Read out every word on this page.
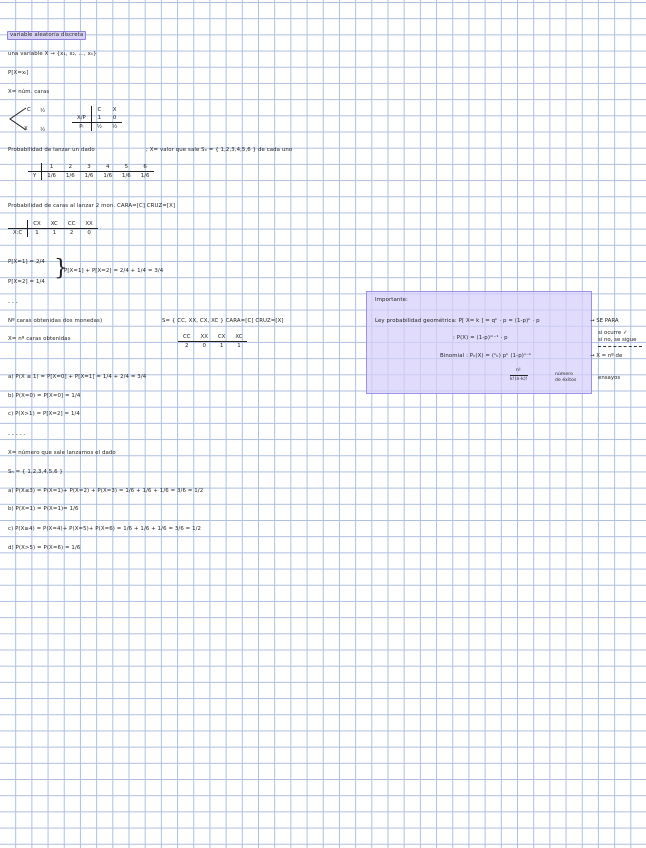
variable aleatoria discreta
una variable X → {x₁, x₂, ..., xₙ}
P[X=xᵢ]
X= núm. caras
C
X
½
½
	C	X
X/P	1	0
Pᵢ	½	½
Probabilidad de lanzar un dado	; X= valor que sale Sₙ = { 1,2,3,4,5,6 } de cada uno
	1	2	3	4	5	6
Y	1/6	1/6	1/6	1/6	1/6	1/6
Probabilidad de caras al lanzar 2 mon. CARA=[C] CRUZ=[X]
	CX	XC	CC	XX
X:C	1	1	2	0
P[X=1] = 2/4
P[X=2] = 1/4
}
P[X=1] + P[X=2] = 2/4 + 1/4 = 3/4
- - -
Nº caras obtenidas dos monedas)	S= { CC, XX, CX, XC } CARA=[C] CRUZ=[X]
X= nº caras obtenidas	CC	XX	CX	XC
2	0	1	1
a) P(X ≤ 1) = P[X=0] + P[X=1] = 1/4 + 2/4 = 3/4
b) P(X=0) = P[X=0] = 1/4
c) P(X>1) = P[X=2] = 1/4
- - - - -
X= número que sale lanzamos el dado
Sₙ = { 1,2,3,4,5,6 }
a) P(X≤3) = P(X=1)+ P(X=2) + P(X=3) = 1/6 + 1/6 + 1/6 = 3/6 = 1/2
b) P(X=1) = P(X=1)= 1/6
c) P(X≥4) = P(X=4)+ P(X=5)+ P(X=6) = 1/6 + 1/6 + 1/6 = 3/6 = 1/2
d) P(X>5) = P(X=6) = 1/6
Importante:
Ley probabilidad geométrica: P[ X= k ] = qᵏ · p = (1-p)ᵏ · p
: P(X) = (1-p)ᵐ⁻¹ · p
Binomial : Pₙ(X) = (ⁿₖ) pᵏ (1-p)ⁿ⁻ᵏ
n!
k!(n-k)!
número
de éxitos
→ SE PARA
si ocurre ✓
si no, se sigue
→ X = nº de
ensayos
